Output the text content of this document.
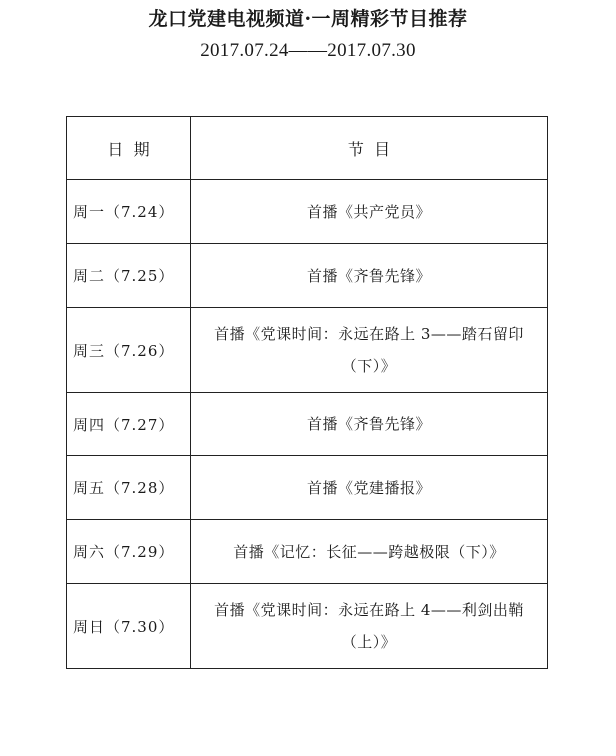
龙口党建电视频道·一周精彩节目推荐
2017.07.24——2017.07.30
日  期	节  目
周一（7.24）	首播《共产党员》
周二（7.25）	首播《齐鲁先锋》
周三（7.26）	首播《党课时间：永远在路上 3——踏石留印（下）》
周四（7.27）	首播《齐鲁先锋》
周五（7.28）	首播《党建播报》
周六（7.29）	首播《记忆：长征——跨越极限（下）》
周日（7.30）	首播《党课时间：永远在路上 4——利剑出鞘（上）》
